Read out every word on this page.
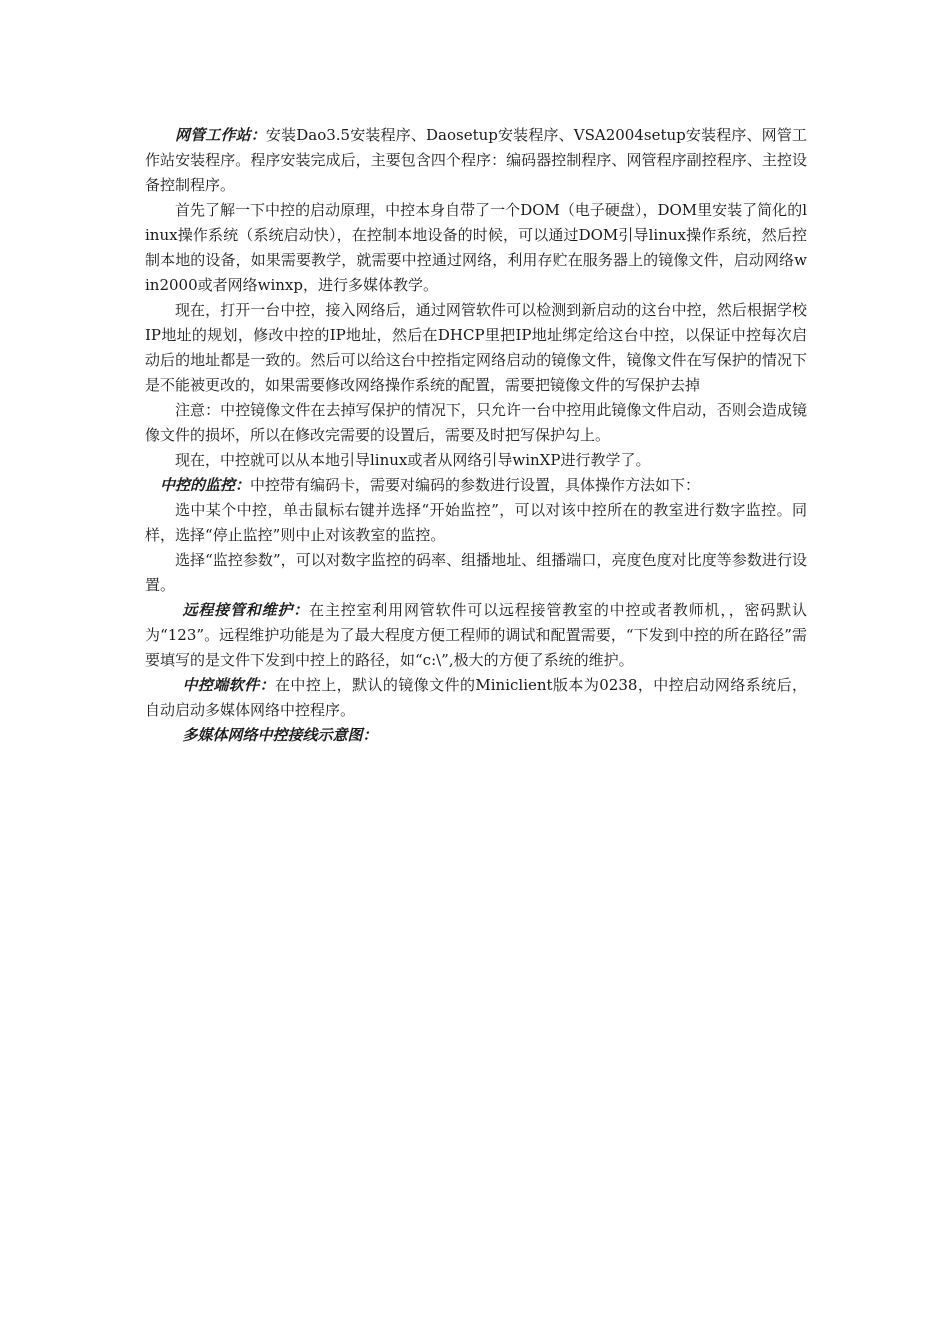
网管工作站：安装Dao3.5安装程序、Daosetup安装程序、VSA2004setup安装程序、网管工作站安装程序。程序安装完成后，主要包含四个程序：编码器控制程序、网管程序副控程序、主控设备控制程序。

首先了解一下中控的启动原理，中控本身自带了一个DOM（电子硬盘），DOM里安装了简化的linux操作系统（系统启动快），在控制本地设备的时候，可以通过DOM引导linux操作系统，然后控制本地的设备，如果需要教学，就需要中控通过网络，利用存贮在服务器上的镜像文件，启动网络win2000或者网络winxp，进行多媒体教学。

现在，打开一台中控，接入网络后，通过网管软件可以检测到新启动的这台中控，然后根据学校IP地址的规划，修改中控的IP地址，然后在DHCP里把IP地址绑定给这台中控，以保证中控每次启动后的地址都是一致的。然后可以给这台中控指定网络启动的镜像文件，镜像文件在写保护的情况下是不能被更改的，如果需要修改网络操作系统的配置，需要把镜像文件的写保护去掉

注意：中控镜像文件在去掉写保护的情况下，只允许一台中控用此镜像文件启动，否则会造成镜像文件的损坏，所以在修改完需要的设置后，需要及时把写保护勾上。

现在，中控就可以从本地引导linux或者从网络引导winXP进行教学了。

中控的监控：中控带有编码卡，需要对编码的参数进行设置，具体操作方法如下：

选中某个中控，单击鼠标右键并选择“开始监控”，可以对该中控所在的教室进行数字监控。同样，选择“停止监控”则中止对该教室的监控。

选择“监控参数”，可以对数字监控的码率、组播地址、组播端口，亮度色度对比度等参数进行设置。

远程接管和维护：在主控室利用网管软件可以远程接管教室的中控或者教师机，，密码默认为“123”。远程维护功能是为了最大程度方便工程师的调试和配置需要，“下发到中控的所在路径”需要填写的是文件下发到中控上的路径，如“c:\”,极大的方便了系统的维护。

中控端软件：在中控上，默认的镜像文件的Miniclient版本为0238，中控启动网络系统后，自动启动多媒体网络中控程序。

多媒体网络中控接线示意图：
